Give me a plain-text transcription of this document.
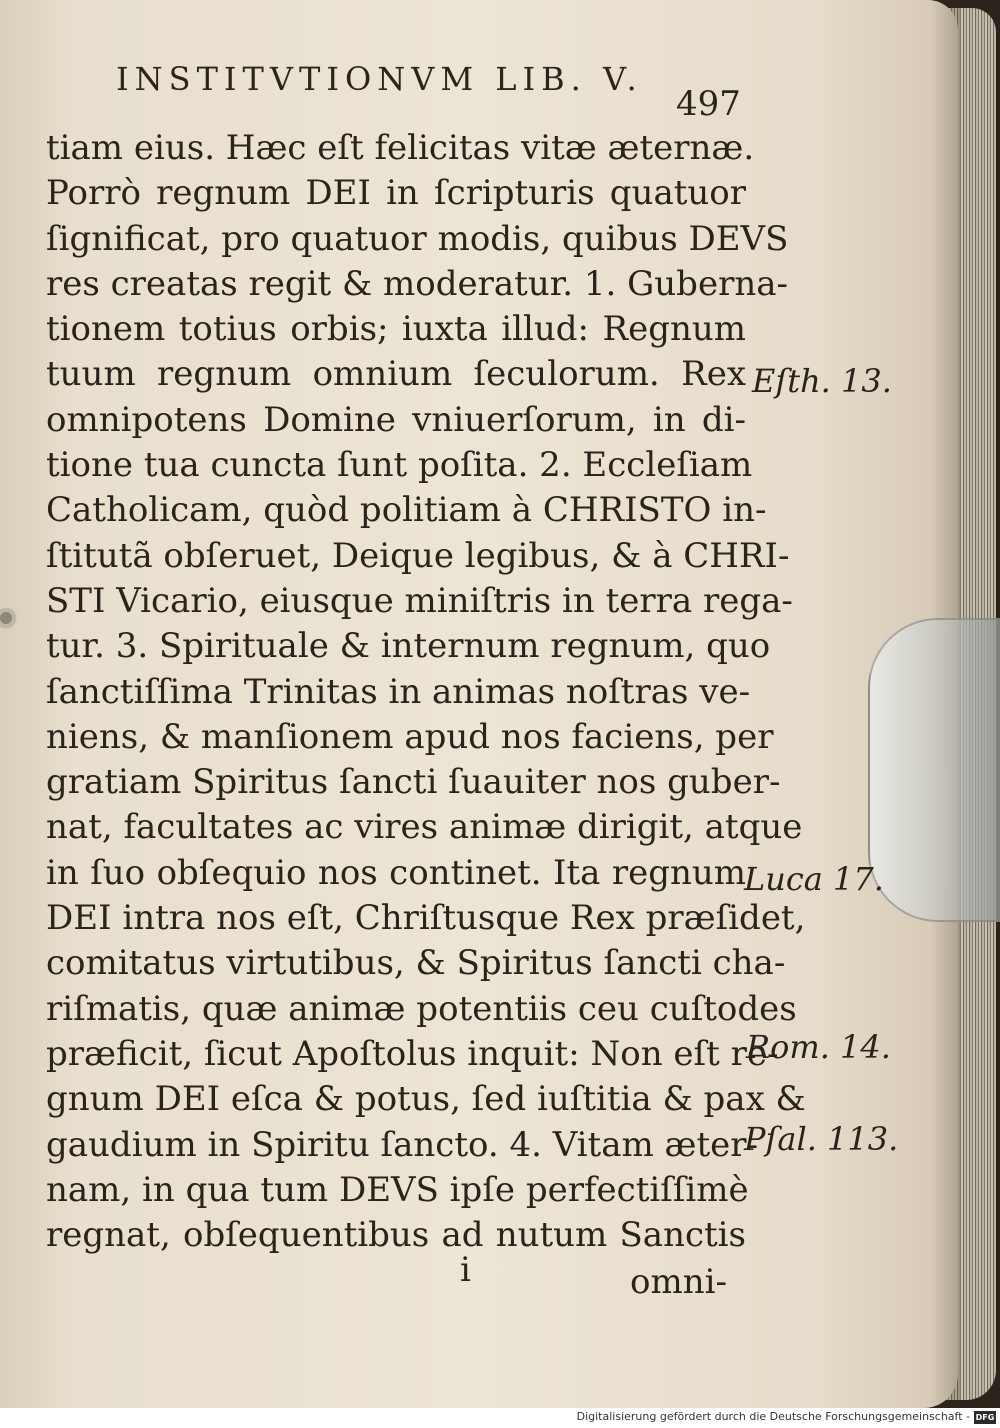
INSTITVTIONVM LIB. V.
497
tiam eius. Hæc eſt felicitas vitæ æternæ.
Porrò regnum DEI in ſcripturis quatuor
ſignificat, pro quatuor modis, quibus DEVS
res creatas regit & moderatur. 1. Guberna-
tionem totius orbis; iuxta illud: Regnum
tuum regnum omnium ſeculorum. Rex
omnipotens Domine vniuerſorum, in di-
tione tua cuncta ſunt poſita. 2. Eccleſiam
Catholicam, quòd politiam à CHRISTO in-
ſtitutã obſeruet, Deique legibus, & à CHRI-
STI Vicario, eiusque miniſtris in terra rega-
tur. 3. Spirituale & internum regnum, quo
ſanctiſſima Trinitas in animas noſtras ve-
niens, & manſionem apud nos faciens, per
gratiam Spiritus ſancti ſuauiter nos guber-
nat, facultates ac vires animæ dirigit, atque
in ſuo obſequio nos continet. Ita regnum
DEI intra nos eſt, Chriſtusque Rex præſidet,
comitatus virtutibus, & Spiritus ſancti cha-
riſmatis, quæ animæ potentiis ceu cuſtodes
præficit, ſicut Apoſtolus inquit: Non eſt re-
gnum DEI eſca & potus, ſed iuſtitia & pax &
gaudium in Spiritu ſancto. 4. Vitam æter-
nam, in qua tum DEVS ipſe perfectiſſimè
regnat, obſequentibus ad nutum Sanctis
i	omni-
Eſth. 13.
Luca 17.
Rom. 14.
Pſal. 113.
Digitalisierung gefördert durch die Deutsche Forschungsgemeinschaft - DFG
